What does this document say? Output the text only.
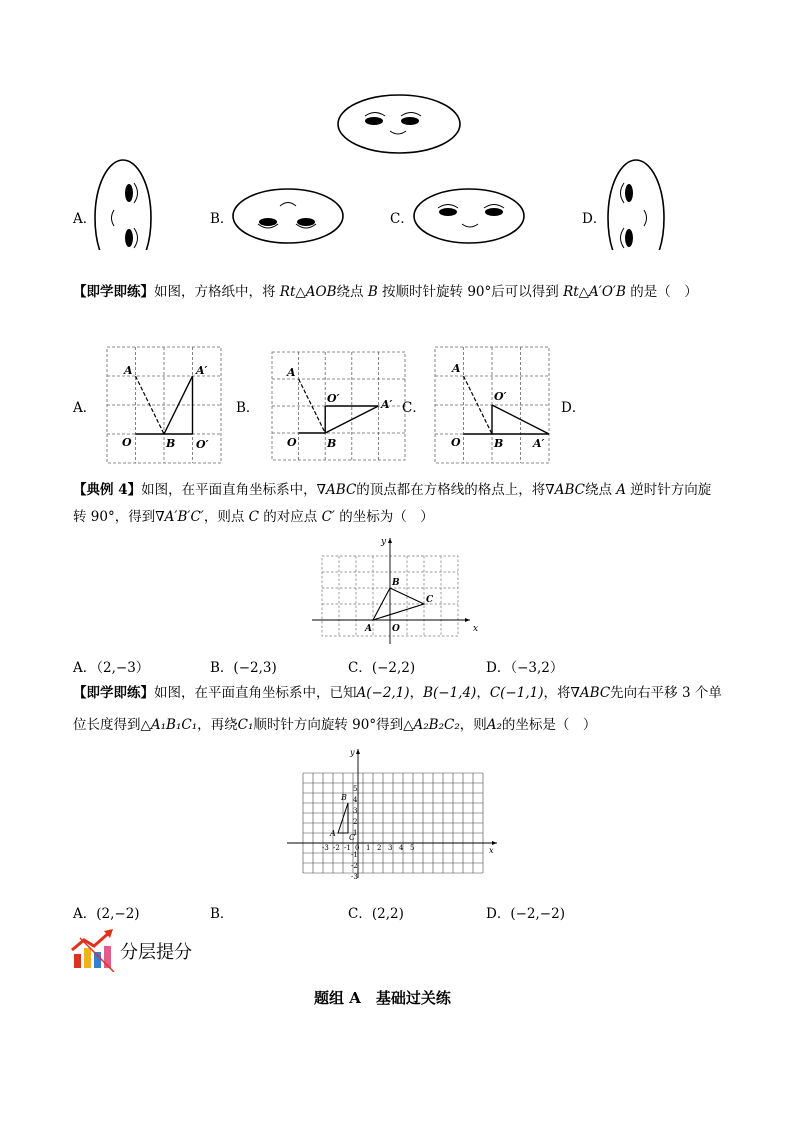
A．	B．	C．	D．
【即学即练】如图，方格纸中，将 Rt△AOB绕点 B 按顺时针旋转 90°后可以得到 Rt△A′O′B 的是（　）
A	A′
O	B O′
A
O′	A′
O	B
A
O′
O	B	A′
A．	B．	C．	D．
【典例 4】如图，在平面直角坐标系中，∇ABC的顶点都在方格线的格点上，将∇ABC绕点 A 逆时针方向旋
转 90°，得到∇A′B′C′，则点 C 的对应点 C′ 的坐标为（　）
x
y
A
B
C
O
A．（2,−3）	B．(−2,3)	C．(−2,2)	D．（−3,2）
【即学即练】如图，在平面直角坐标系中，已知A(−2,1)，B(−1,4)，C(−1,1)，将∇ABC先向右平移 3 个单
位长度得到△A₁B₁C₁，再绕C₁顺时针方向旋转 90°得到△A₂B₂C₂，则A₂的坐标是（　）
x
y
A
B
C
-3 -2 -1 0 1 2 3 4 5
5
4
3
2
1
-1
-2
-3
A．(2,−2)	B．	C．(2,2)	D．(−2,−2)
分层提分
题组 A　基础过关练
